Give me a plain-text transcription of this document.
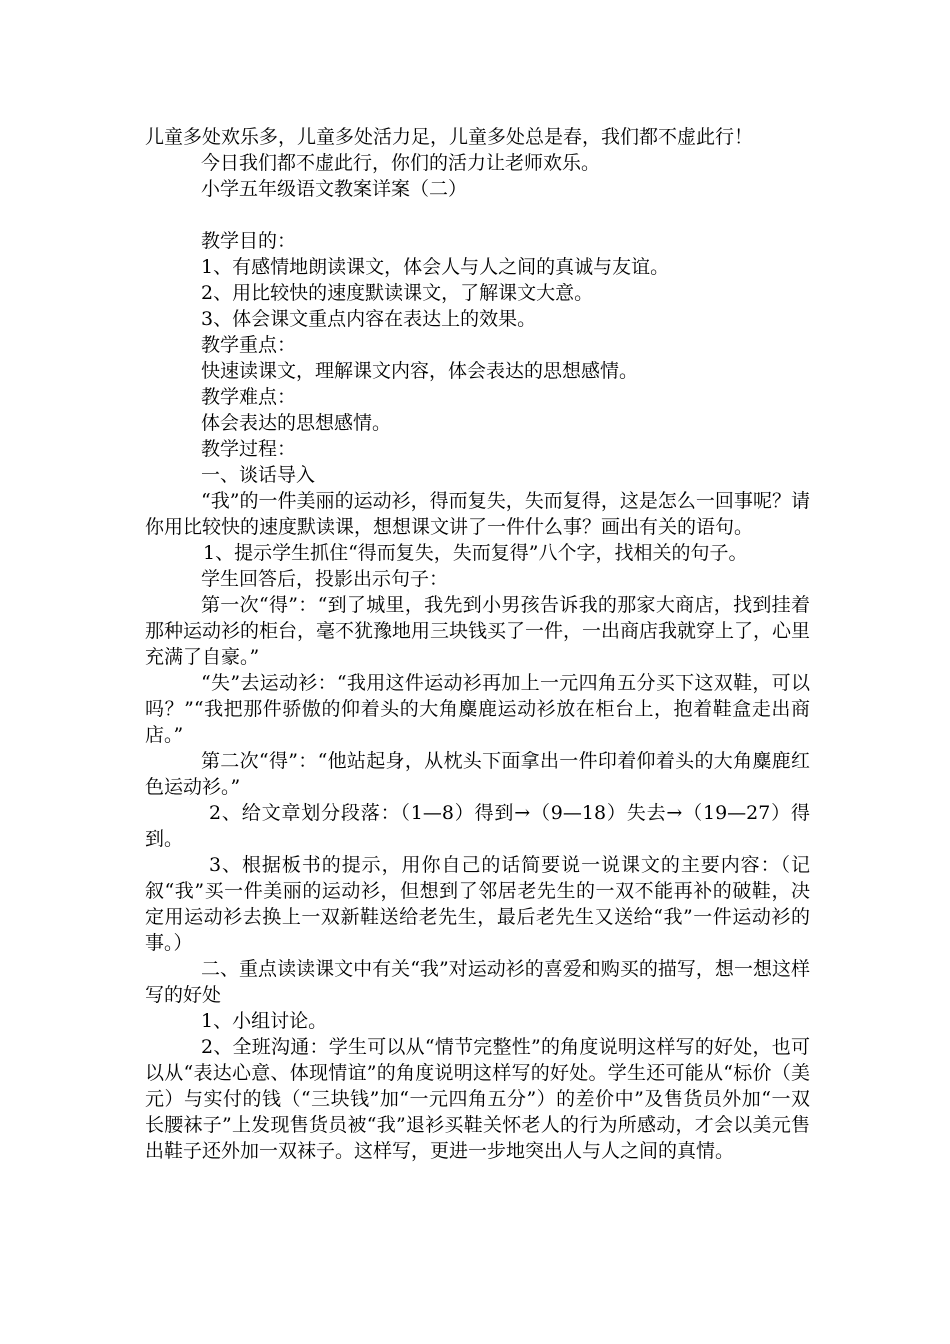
儿童多处欢乐多，儿童多处活力足，儿童多处总是春，我们都不虚此行！

今日我们都不虚此行，你们的活力让老师欢乐。

小学五年级语文教案详案（二）

教学目的：

1、有感情地朗读课文，体会人与人之间的真诚与友谊。

2、用比较快的速度默读课文，了解课文大意。

3、体会课文重点内容在表达上的效果。

教学重点：

快速读课文，理解课文内容，体会表达的思想感情。

教学难点：

体会表达的思想感情。

教学过程：

一、谈话导入

“我”的一件美丽的运动衫，得而复失，失而复得，这是怎么一回事呢？请你用比较快的速度默读课，想想课文讲了一件什么事？画出有关的语句。

1、提示学生抓住“得而复失，失而复得”八个字，找相关的句子。

学生回答后，投影出示句子：

第一次“得”：“到了城里，我先到小男孩告诉我的那家大商店，找到挂着那种运动衫的柜台，毫不犹豫地用三块钱买了一件，一出商店我就穿上了，心里充满了自豪。”

“失”去运动衫：“我用这件运动衫再加上一元四角五分买下这双鞋，可以吗？”“我把那件骄傲的仰着头的大角麋鹿运动衫放在柜台上，抱着鞋盒走出商店。”

第二次“得”：“他站起身，从枕头下面拿出一件印着仰着头的大角麋鹿红色运动衫。”

2、给文章划分段落：（1—8）得到→（9—18）失去→（19—27）得到。

3、根据板书的提示，用你自己的话简要说一说课文的主要内容：（记叙“我”买一件美丽的运动衫，但想到了邻居老先生的一双不能再补的破鞋，决定用运动衫去换上一双新鞋送给老先生，最后老先生又送给“我”一件运动衫的事。）

二、重点读读课文中有关“我”对运动衫的喜爱和购买的描写，想一想这样写的好处

1、小组讨论。

2、全班沟通：学生可以从“情节完整性”的角度说明这样写的好处，也可以从“表达心意、体现情谊”的角度说明这样写的好处。学生还可能从“标价（美元）与实付的钱（“三块钱”加“一元四角五分”）的差价中”及售货员外加“一双长腰袜子”上发现售货员被“我”退衫买鞋关怀老人的行为所感动，才会以美元售出鞋子还外加一双袜子。这样写，更进一步地突出人与人之间的真情。
